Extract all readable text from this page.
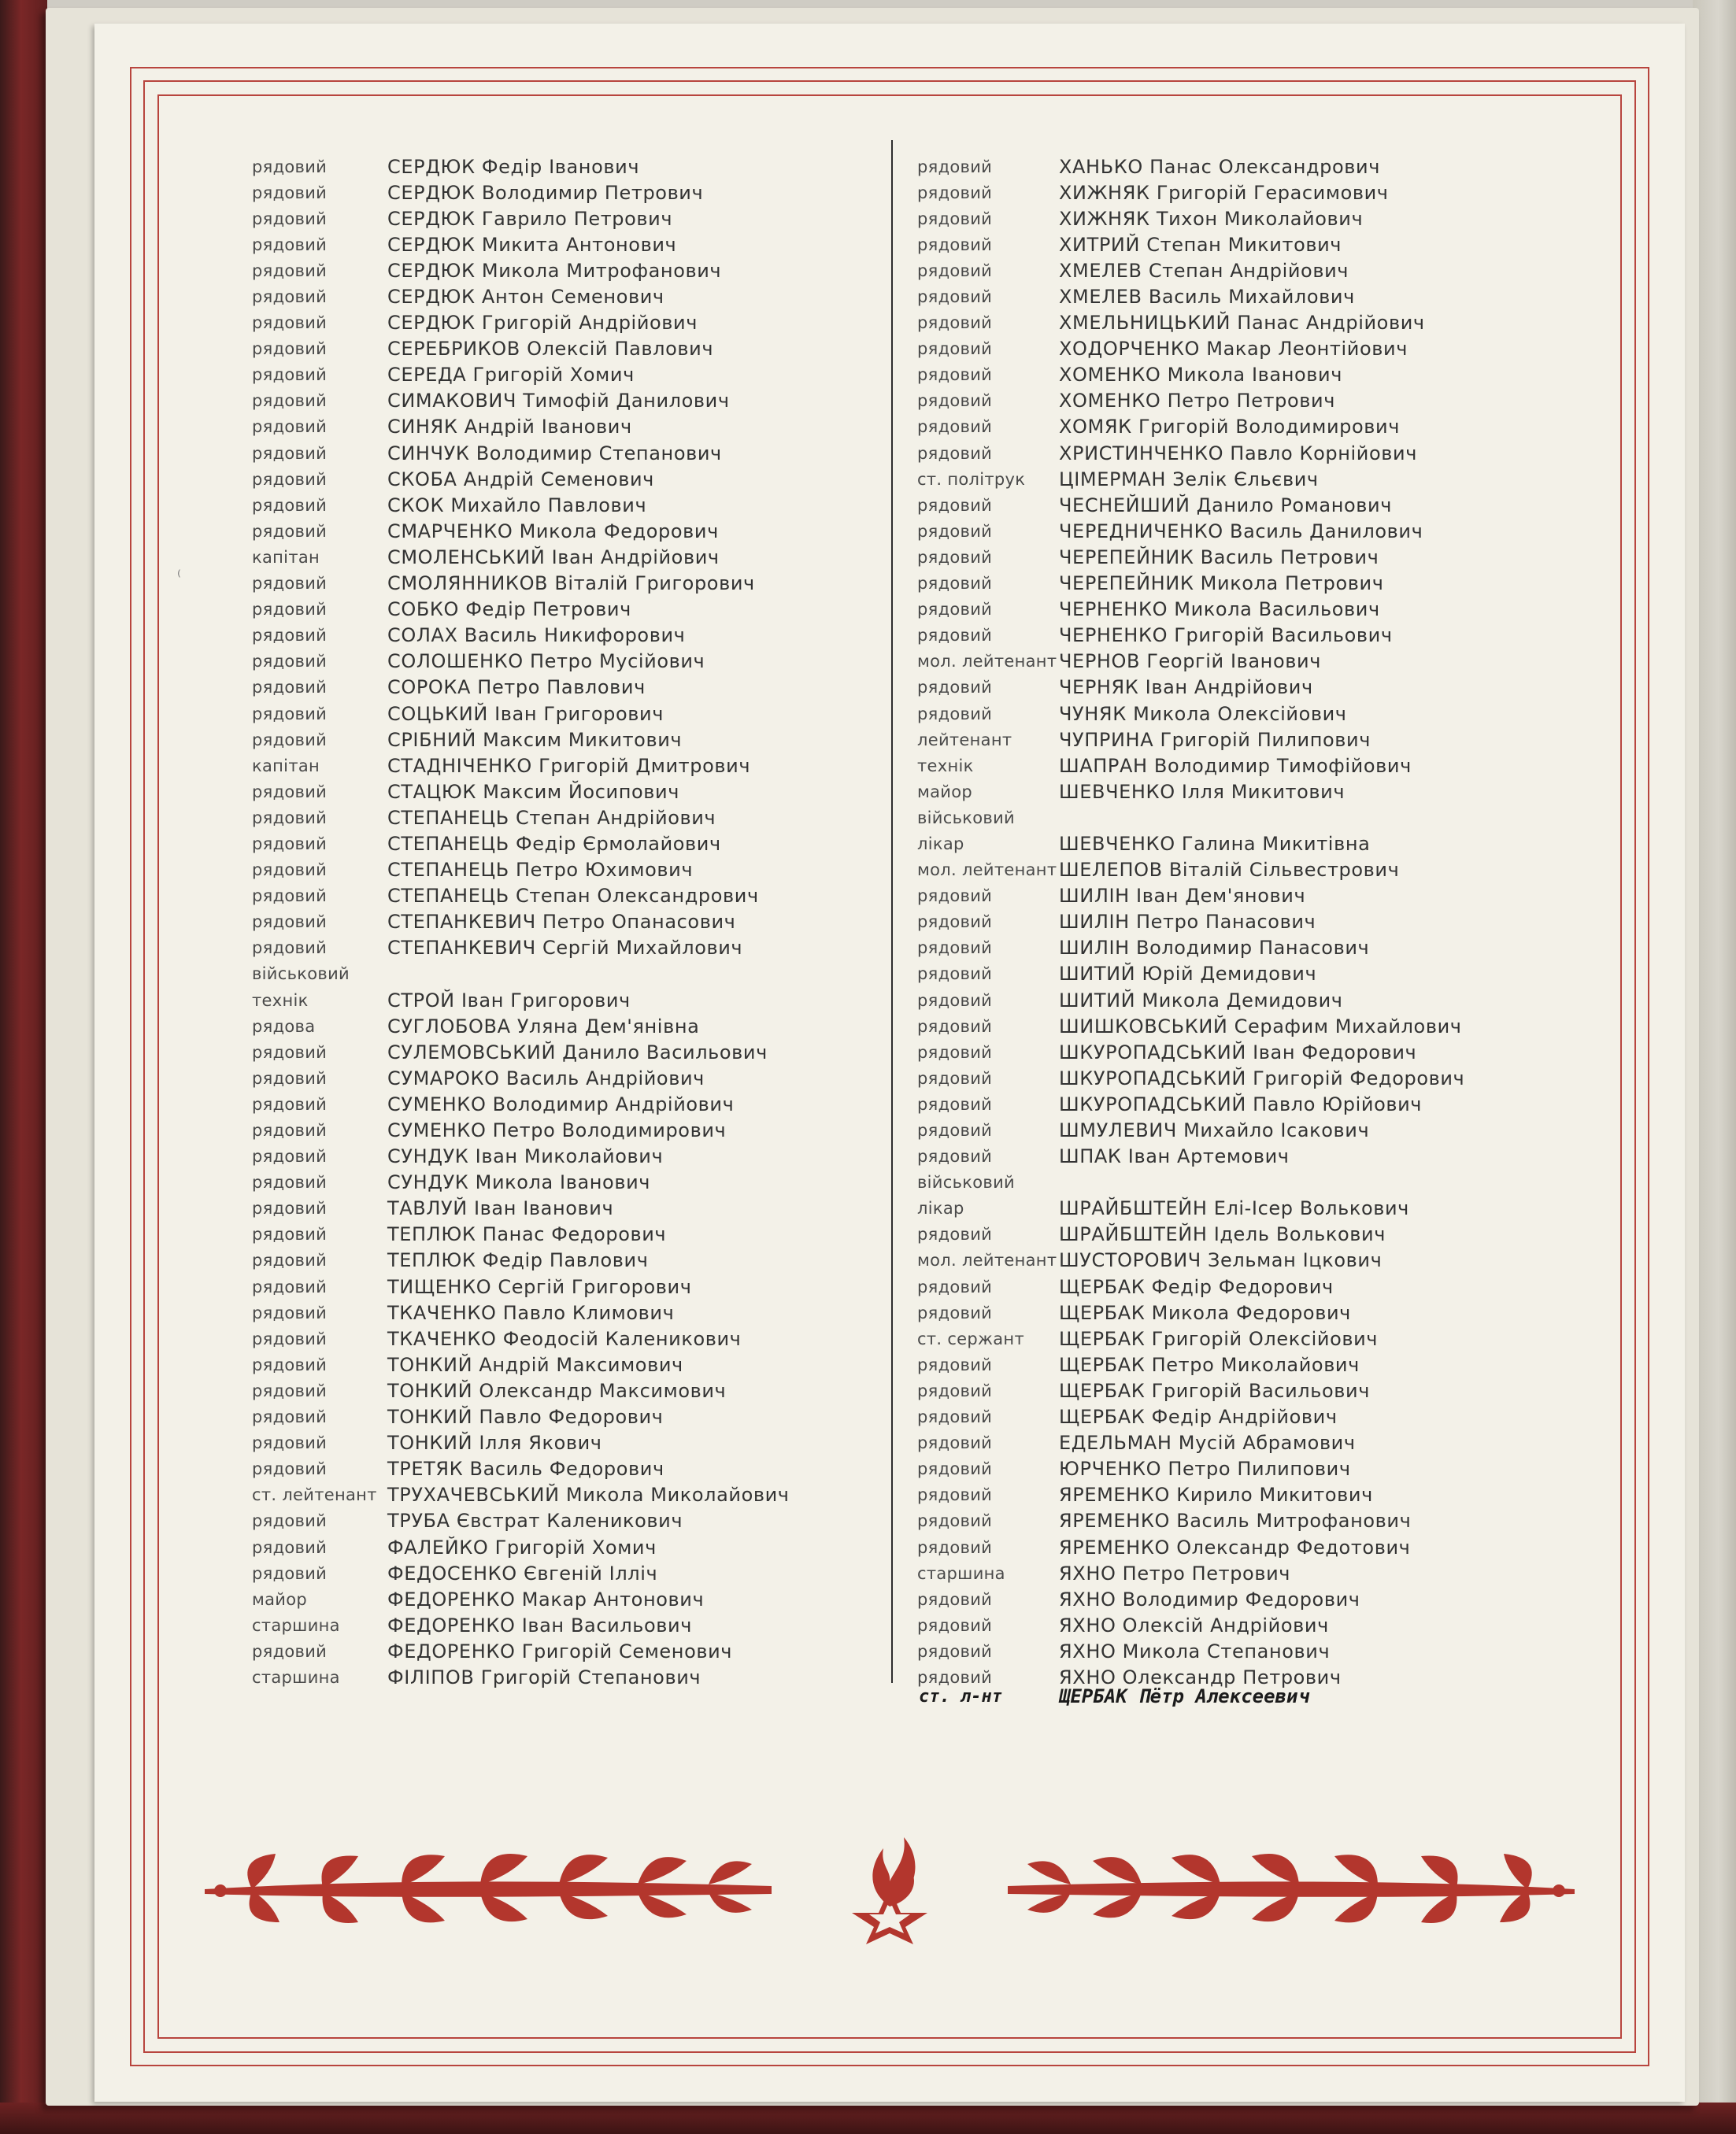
⁽
рядовий	СЕРДЮК Федір Іванович
рядовий	СЕРДЮК Володимир Петрович
рядовий	СЕРДЮК Гаврило Петрович
рядовий	СЕРДЮК Микита Антонович
рядовий	СЕРДЮК Микола Митрофанович
рядовий	СЕРДЮК Антон Семенович
рядовий	СЕРДЮК Григорій Андрійович
рядовий	СЕРЕБРИКОВ Олексій Павлович
рядовий	СЕРЕДА Григорій Хомич
рядовий	СИМАКОВИЧ Тимофій Данилович
рядовий	СИНЯК Андрій Іванович
рядовий	СИНЧУК Володимир Степанович
рядовий	СКОБА Андрій Семенович
рядовий	СКОК Михайло Павлович
рядовий	СМАРЧЕНКО Микола Федорович
капітан	СМОЛЕНСЬКИЙ Іван Андрійович
рядовий	СМОЛЯННИКОВ Віталій Григорович
рядовий	СОБКО Федір Петрович
рядовий	СОЛАХ Василь Никифорович
рядовий	СОЛОШЕНКО Петро Мусійович
рядовий	СОРОКА Петро Павлович
рядовий	СОЦЬКИЙ Іван Григорович
рядовий	СРІБНИЙ Максим Микитович
капітан	СТАДНІЧЕНКО Григорій Дмитрович
рядовий	СТАЦЮК Максим Йосипович
рядовий	СТЕПАНЕЦЬ Степан Андрійович
рядовий	СТЕПАНЕЦЬ Федір Єрмолайович
рядовий	СТЕПАНЕЦЬ Петро Юхимович
рядовий	СТЕПАНЕЦЬ Степан Олександрович
рядовий	СТЕПАНКЕВИЧ Петро Опанасович
рядовий	СТЕПАНКЕВИЧ Сергій Михайлович
військовий
технік	СТРОЙ Іван Григорович
рядова	СУГЛОБОВА Уляна Дем'янівна
рядовий	СУЛЕМОВСЬКИЙ Данило Васильович
рядовий	СУМАРОКО Василь Андрійович
рядовий	СУМЕНКО Володимир Андрійович
рядовий	СУМЕНКО Петро Володимирович
рядовий	СУНДУК Іван Миколайович
рядовий	СУНДУК Микола Іванович
рядовий	ТАВЛУЙ Іван Іванович
рядовий	ТЕПЛЮК Панас Федорович
рядовий	ТЕПЛЮК Федір Павлович
рядовий	ТИЩЕНКО Сергій Григорович
рядовий	ТКАЧЕНКО Павло Климович
рядовий	ТКАЧЕНКО Феодосій Каленикович
рядовий	ТОНКИЙ Андрій Максимович
рядовий	ТОНКИЙ Олександр Максимович
рядовий	ТОНКИЙ Павло Федорович
рядовий	ТОНКИЙ Ілля Якович
рядовий	ТРЕТЯК Василь Федорович
ст. лейтенант ТРУХАЧЕВСЬКИЙ Микола Миколайович
рядовий	ТРУБА Євстрат Каленикович
рядовий	ФАЛЕЙКО Григорій Хомич
рядовий	ФЕДОСЕНКО Євгеній Ілліч
майор	ФЕДОРЕНКО Макар Антонович
старшина	ФЕДОРЕНКО Іван Васильович
рядовий	ФЕДОРЕНКО Григорій Семенович
старшина	ФІЛІПОВ Григорій Степанович
рядовий	ХАНЬКО Панас Олександрович
рядовий	ХИЖНЯК Григорій Герасимович
рядовий	ХИЖНЯК Тихон Миколайович
рядовий	ХИТРИЙ Степан Микитович
рядовий	ХМЕЛЕВ Степан Андрійович
рядовий	ХМЕЛЕВ Василь Михайлович
рядовий	ХМЕЛЬНИЦЬКИЙ Панас Андрійович
рядовий	ХОДОРЧЕНКО Макар Леонтійович
рядовий	ХОМЕНКО Микола Іванович
рядовий	ХОМЕНКО Петро Петрович
рядовий	ХОМЯК Григорій Володимирович
рядовий	ХРИСТИНЧЕНКО Павло Корнійович
ст. політрук	ЦІМЕРМАН Зелік Єльєвич
рядовий	ЧЕСНЕЙШИЙ Данило Романович
рядовий	ЧЕРЕДНИЧЕНКО Василь Данилович
рядовий	ЧЕРЕПЕЙНИК Василь Петрович
рядовий	ЧЕРЕПЕЙНИК Микола Петрович
рядовий	ЧЕРНЕНКО Микола Васильович
рядовий	ЧЕРНЕНКО Григорій Васильович
мол. лейтенант ЧЕРНОВ Георгій Іванович
рядовий	ЧЕРНЯК Іван Андрійович
рядовий	ЧУНЯК Микола Олексійович
лейтенант	ЧУПРИНА Григорій Пилипович
технік	ШАПРАН Володимир Тимофійович
майор	ШЕВЧЕНКО Ілля Микитович
військовий
лікар	ШЕВЧЕНКО Галина Микитівна
мол. лейтенант ШЕЛЕПОВ Віталій Сільвестрович
рядовий	ШИЛІН Іван Дем'янович
рядовий	ШИЛІН Петро Панасович
рядовий	ШИЛІН Володимир Панасович
рядовий	ШИТИЙ Юрій Демидович
рядовий	ШИТИЙ Микола Демидович
рядовий	ШИШКОВСЬКИЙ Серафим Михайлович
рядовий	ШКУРОПАДСЬКИЙ Іван Федорович
рядовий	ШКУРОПАДСЬКИЙ Григорій Федорович
рядовий	ШКУРОПАДСЬКИЙ Павло Юрійович
рядовий	ШМУЛЕВИЧ Михайло Ісакович
рядовий	ШПАК Іван Артемович
військовий
лікар	ШРАЙБШТЕЙН Елі-Ісер Волькович
рядовий	ШРАЙБШТЕЙН Ідель Волькович
мол. лейтенант ШУСТОРОВИЧ Зельман Іцкович
рядовий	ЩЕРБАК Федір Федорович
рядовий	ЩЕРБАК Микола Федорович
ст. сержант	ЩЕРБАК Григорій Олексійович
рядовий	ЩЕРБАК Петро Миколайович
рядовий	ЩЕРБАК Григорій Васильович
рядовий	ЩЕРБАК Федір Андрійович
рядовий	ЕДЕЛЬМАН Мусій Абрамович
рядовий	ЮРЧЕНКО Петро Пилипович
рядовий	ЯРЕМЕНКО Кирило Микитович
рядовий	ЯРЕМЕНКО Василь Митрофанович
рядовий	ЯРЕМЕНКО Олександр Федотович
старшина	ЯХНО Петро Петрович
рядовий	ЯХНО Володимир Федорович
рядовий	ЯХНО Олексій Андрійович
рядовий	ЯХНО Микола Степанович
рядовий	ЯХНО Олександр Петрович
ст. л-нт	ЩЕРБАК Пётр Алексеевич
